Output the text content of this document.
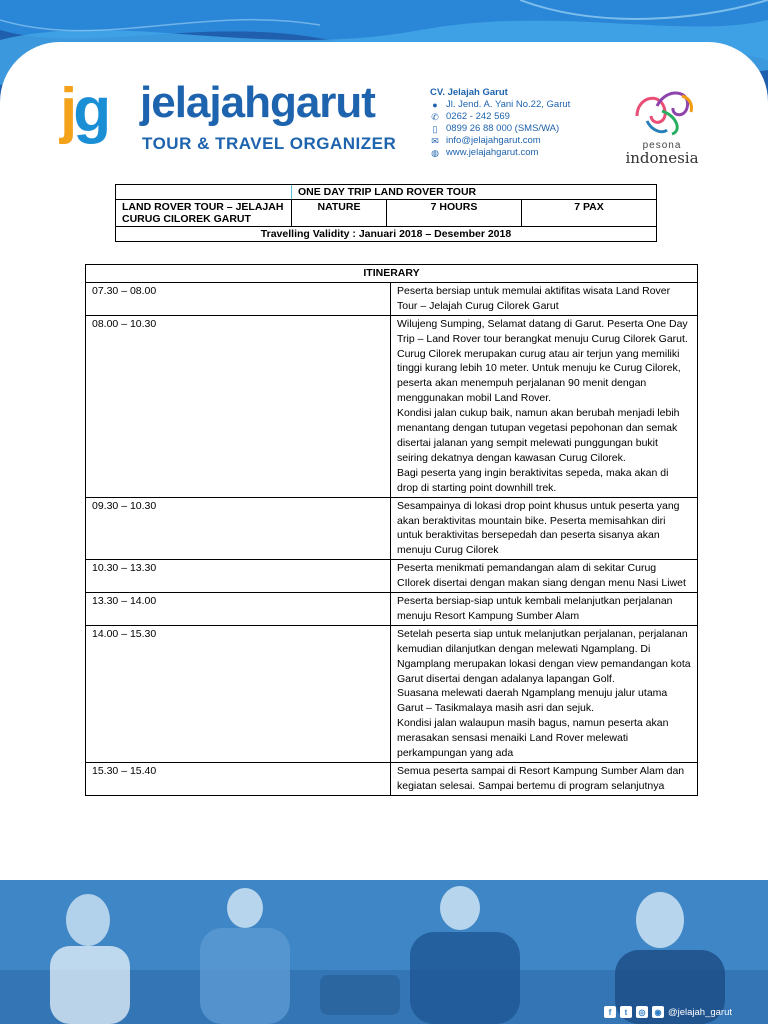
jg jelajahgarut
TOUR & TRAVEL ORGANIZER
CV. Jelajah Garut
● Jl. Jend. A. Yani No.22, Garut
✆ 0262 - 242 569
▯ 0899 26 88 000 (SMS/WA)
✉ info@jelajahgarut.com
◍ www.jelajahgarut.com
pesona
indonesia
	ONE DAY TRIP LAND ROVER TOUR		
LAND ROVER TOUR – JELAJAH CURUG CILOREK GARUT	NATURE	7 HOURS	7 PAX
Travelling Validity : Januari 2018 – Desember 2018			
ITINERARY	
07.30 – 08.00	Peserta bersiap untuk memulai aktifitas wisata Land Rover Tour – Jelajah Curug Cilorek Garut
08.00 – 10.30	Wilujeng Sumping, Selamat datang di Garut. Peserta One Day Trip – Land Rover tour berangkat menuju Curug Cilorek Garut.
Curug Cilorek merupakan curug atau air terjun yang memiliki tinggi kurang lebih 10 meter. Untuk menuju ke Curug Cilorek, peserta akan menempuh perjalanan 90 menit dengan menggunakan mobil Land Rover.
Kondisi jalan cukup baik, namun akan berubah menjadi lebih menantang dengan tutupan vegetasi pepohonan dan semak disertai jalanan yang sempit melewati punggungan bukit seiring dekatnya dengan kawasan Curug Cilorek.
Bagi peserta yang ingin beraktivitas sepeda, maka akan di drop di starting point downhill trek.
09.30 – 10.30	Sesampainya di lokasi drop point khusus untuk peserta yang akan beraktivitas mountain bike. Peserta memisahkan diri untuk beraktivitas bersepedah dan peserta sisanya akan menuju Curug Cilorek
10.30 – 13.30	Peserta menikmati pemandangan alam di sekitar Curug CIlorek disertai dengan makan siang dengan menu Nasi Liwet
13.30 – 14.00	Peserta bersiap-siap untuk kembali melanjutkan perjalanan menuju Resort Kampung Sumber Alam
14.00 – 15.30	Setelah peserta siap untuk melanjutkan perjalanan, perjalanan kemudian dilanjutkan dengan melewati Ngamplang. Di Ngamplang merupakan lokasi dengan view pemandangan kota Garut disertai dengan adalanya lapangan Golf.
Suasana melewati daerah Ngamplang menuju jalur utama Garut – Tasikmalaya masih asri dan sejuk.
Kondisi jalan walaupun masih bagus, namun peserta akan merasakan sensasi menaiki Land Rover melewati perkampungan yang ada
15.30 – 15.40	Semua peserta sampai di Resort Kampung Sumber Alam dan kegiatan selesai. Sampai bertemu di program selanjutnya
f	t	◎	◉ @jelajah_garut
